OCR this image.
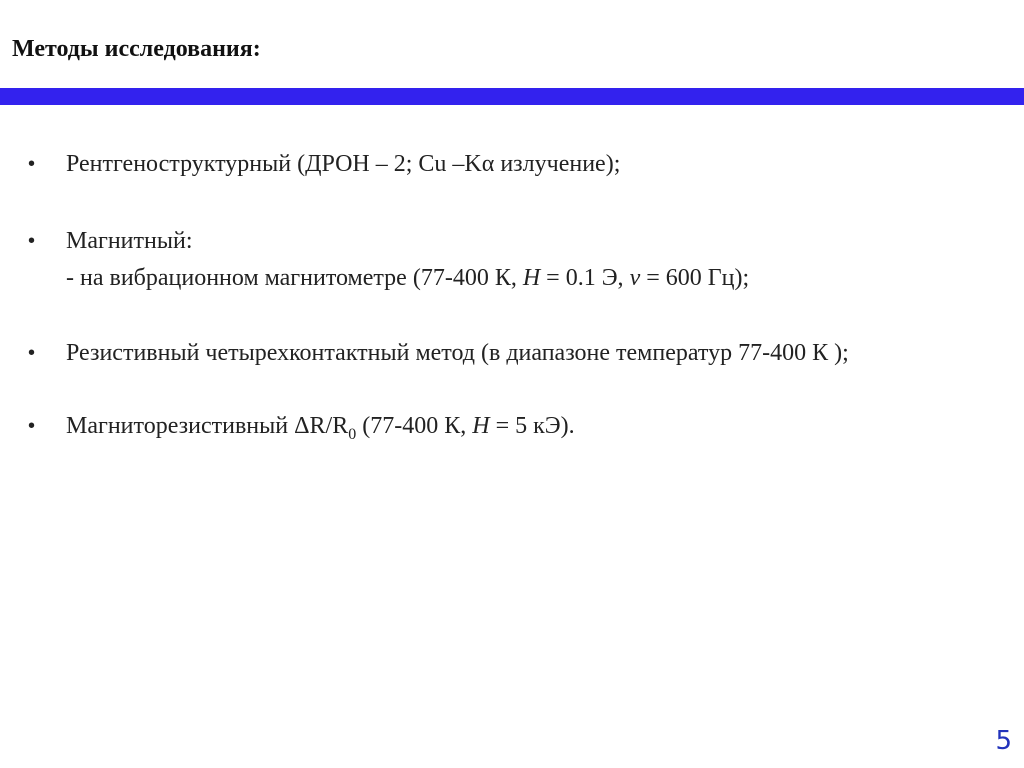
Методы исследования:
•	Рентгеноструктурный (ДРОН – 2; Cu –Kα излучение);
•	Магнитный:
- на вибрационном магнитометре (77-400 К, H = 0.1 Э, ν = 600 Гц);
•	Резистивный четырехконтактный метод (в диапазоне температур 77-400 К );
•	Магниторезистивный $\Delta R/R_0$ (77-400 К, H = 5 кЭ).
5
